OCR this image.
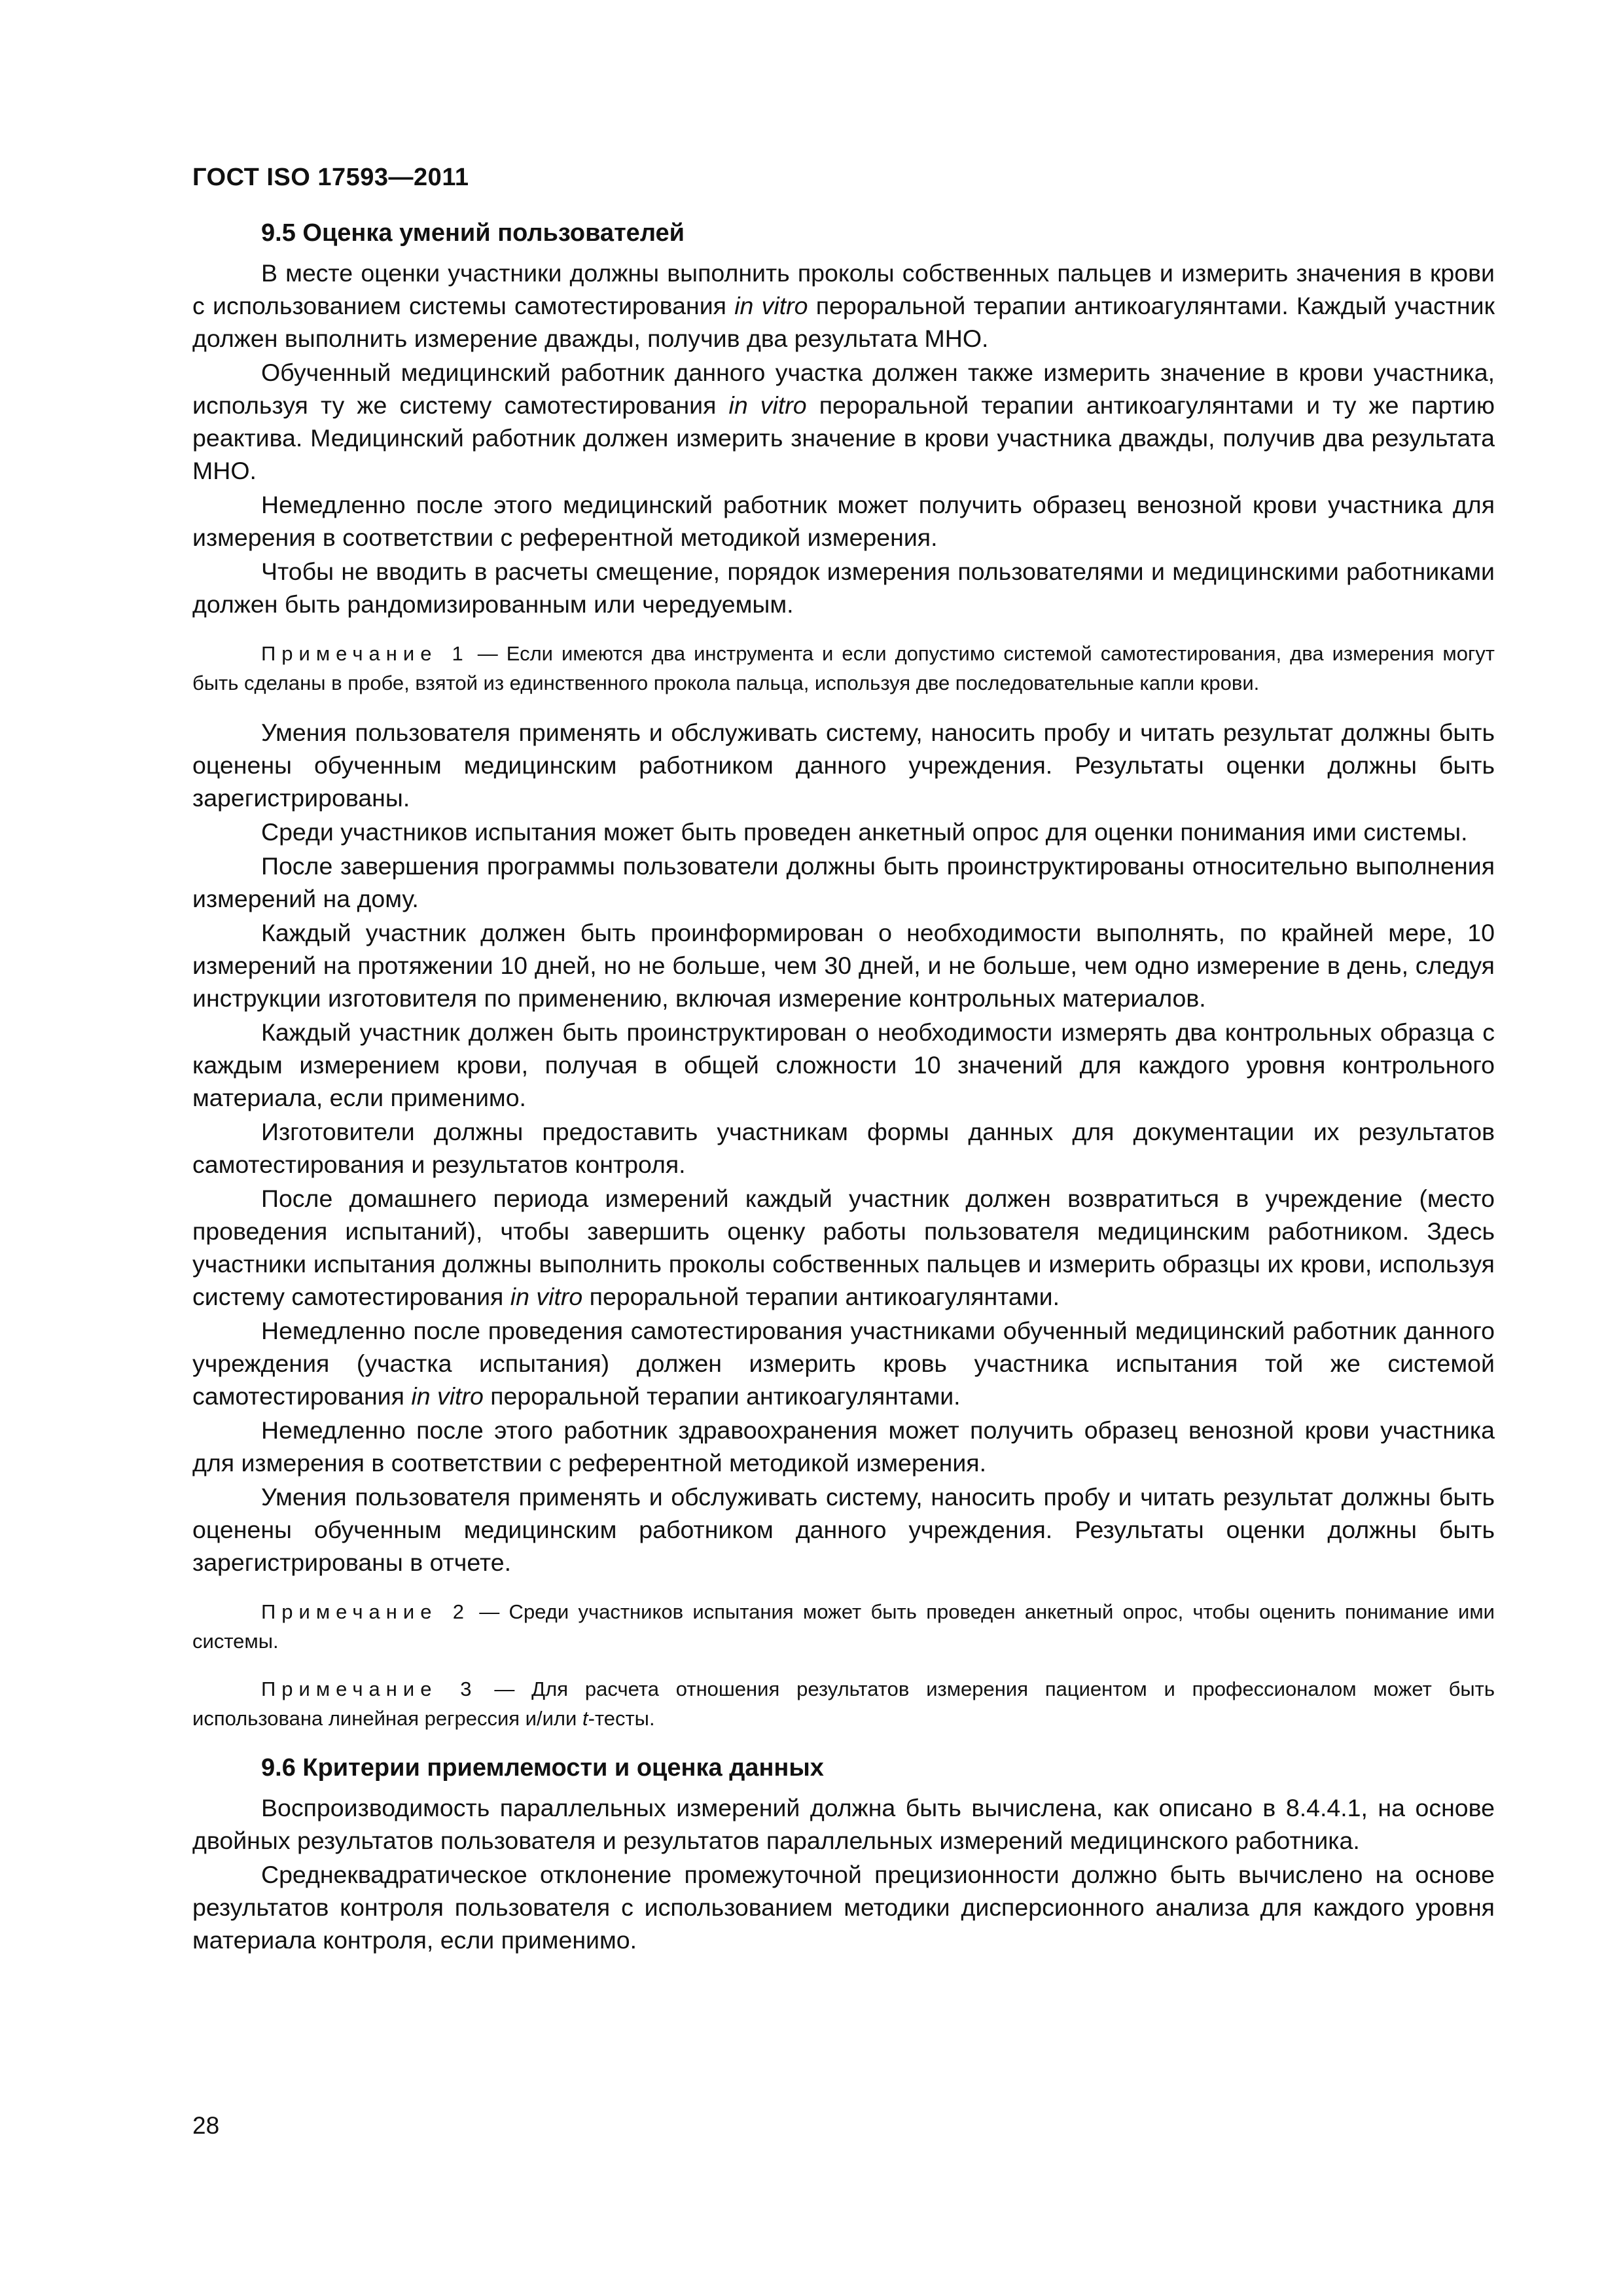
ГОСТ ISO 17593—2011
9.5 Оценка умений пользователей

В месте оценки участники должны выполнить проколы собственных пальцев и измерить значения в крови с использованием системы самотестирования in vitro пероральной терапии антикоагулянтами. Каждый участник должен выполнить измерение дважды, получив два результата МНО.

Обученный медицинский работник данного участка должен также измерить значение в крови участника, используя ту же систему самотестирования in vitro пероральной терапии антикоагулянтами и ту же партию реактива. Медицинский работник должен измерить значение в крови участника дважды, получив два результата МНО.

Немедленно после этого медицинский работник может получить образец венозной крови участника для измерения в соответствии с референтной методикой измерения.

Чтобы не вводить в расчеты смещение, порядок измерения пользователями и медицинскими работниками должен быть рандомизированным или чередуемым.

Примечание 1 — Если имеются два инструмента и если допустимо системой самотестирования, два измерения могут быть сделаны в пробе, взятой из единственного прокола пальца, используя две последовательные капли крови.

Умения пользователя применять и обслуживать систему, наносить пробу и читать результат должны быть оценены обученным медицинским работником данного учреждения. Результаты оценки должны быть зарегистрированы.

Среди участников испытания может быть проведен анкетный опрос для оценки понимания ими системы.

После завершения программы пользователи должны быть проинструктированы относительно выполнения измерений на дому.

Каждый участник должен быть проинформирован о необходимости выполнять, по крайней мере, 10 измерений на протяжении 10 дней, но не больше, чем 30 дней, и не больше, чем одно измерение в день, следуя инструкции изготовителя по применению, включая измерение контрольных материалов.

Каждый участник должен быть проинструктирован о необходимости измерять два контрольных образца с каждым измерением крови, получая в общей сложности 10 значений для каждого уровня контрольного материала, если применимо.

Изготовители должны предоставить участникам формы данных для документации их результатов самотестирования и результатов контроля.

После домашнего периода измерений каждый участник должен возвратиться в учреждение (место проведения испытаний), чтобы завершить оценку работы пользователя медицинским работником. Здесь участники испытания должны выполнить проколы собственных пальцев и измерить образцы их крови, используя систему самотестирования in vitro пероральной терапии антикоагулянтами.

Немедленно после проведения самотестирования участниками обученный медицинский работник данного учреждения (участка испытания) должен измерить кровь участника испытания той же системой самотестирования in vitro пероральной терапии антикоагулянтами.

Немедленно после этого работник здравоохранения может получить образец венозной крови участника для измерения в соответствии с референтной методикой измерения.

Умения пользователя применять и обслуживать систему, наносить пробу и читать результат должны быть оценены обученным медицинским работником данного учреждения. Результаты оценки должны быть зарегистрированы в отчете.

Примечание 2 — Среди участников испытания может быть проведен анкетный опрос, чтобы оценить понимание ими системы.

Примечание 3 — Для расчета отношения результатов измерения пациентом и профессионалом может быть использована линейная регрессия и/или t-тесты.

9.6 Критерии приемлемости и оценка данных

Воспроизводимость параллельных измерений должна быть вычислена, как описано в 8.4.4.1, на основе двойных результатов пользователя и результатов параллельных измерений медицинского работника.

Среднеквадратическое отклонение промежуточной прецизионности должно быть вычислено на основе результатов контроля пользователя с использованием методики дисперсионного анализа для каждого уровня материала контроля, если применимо.

28
